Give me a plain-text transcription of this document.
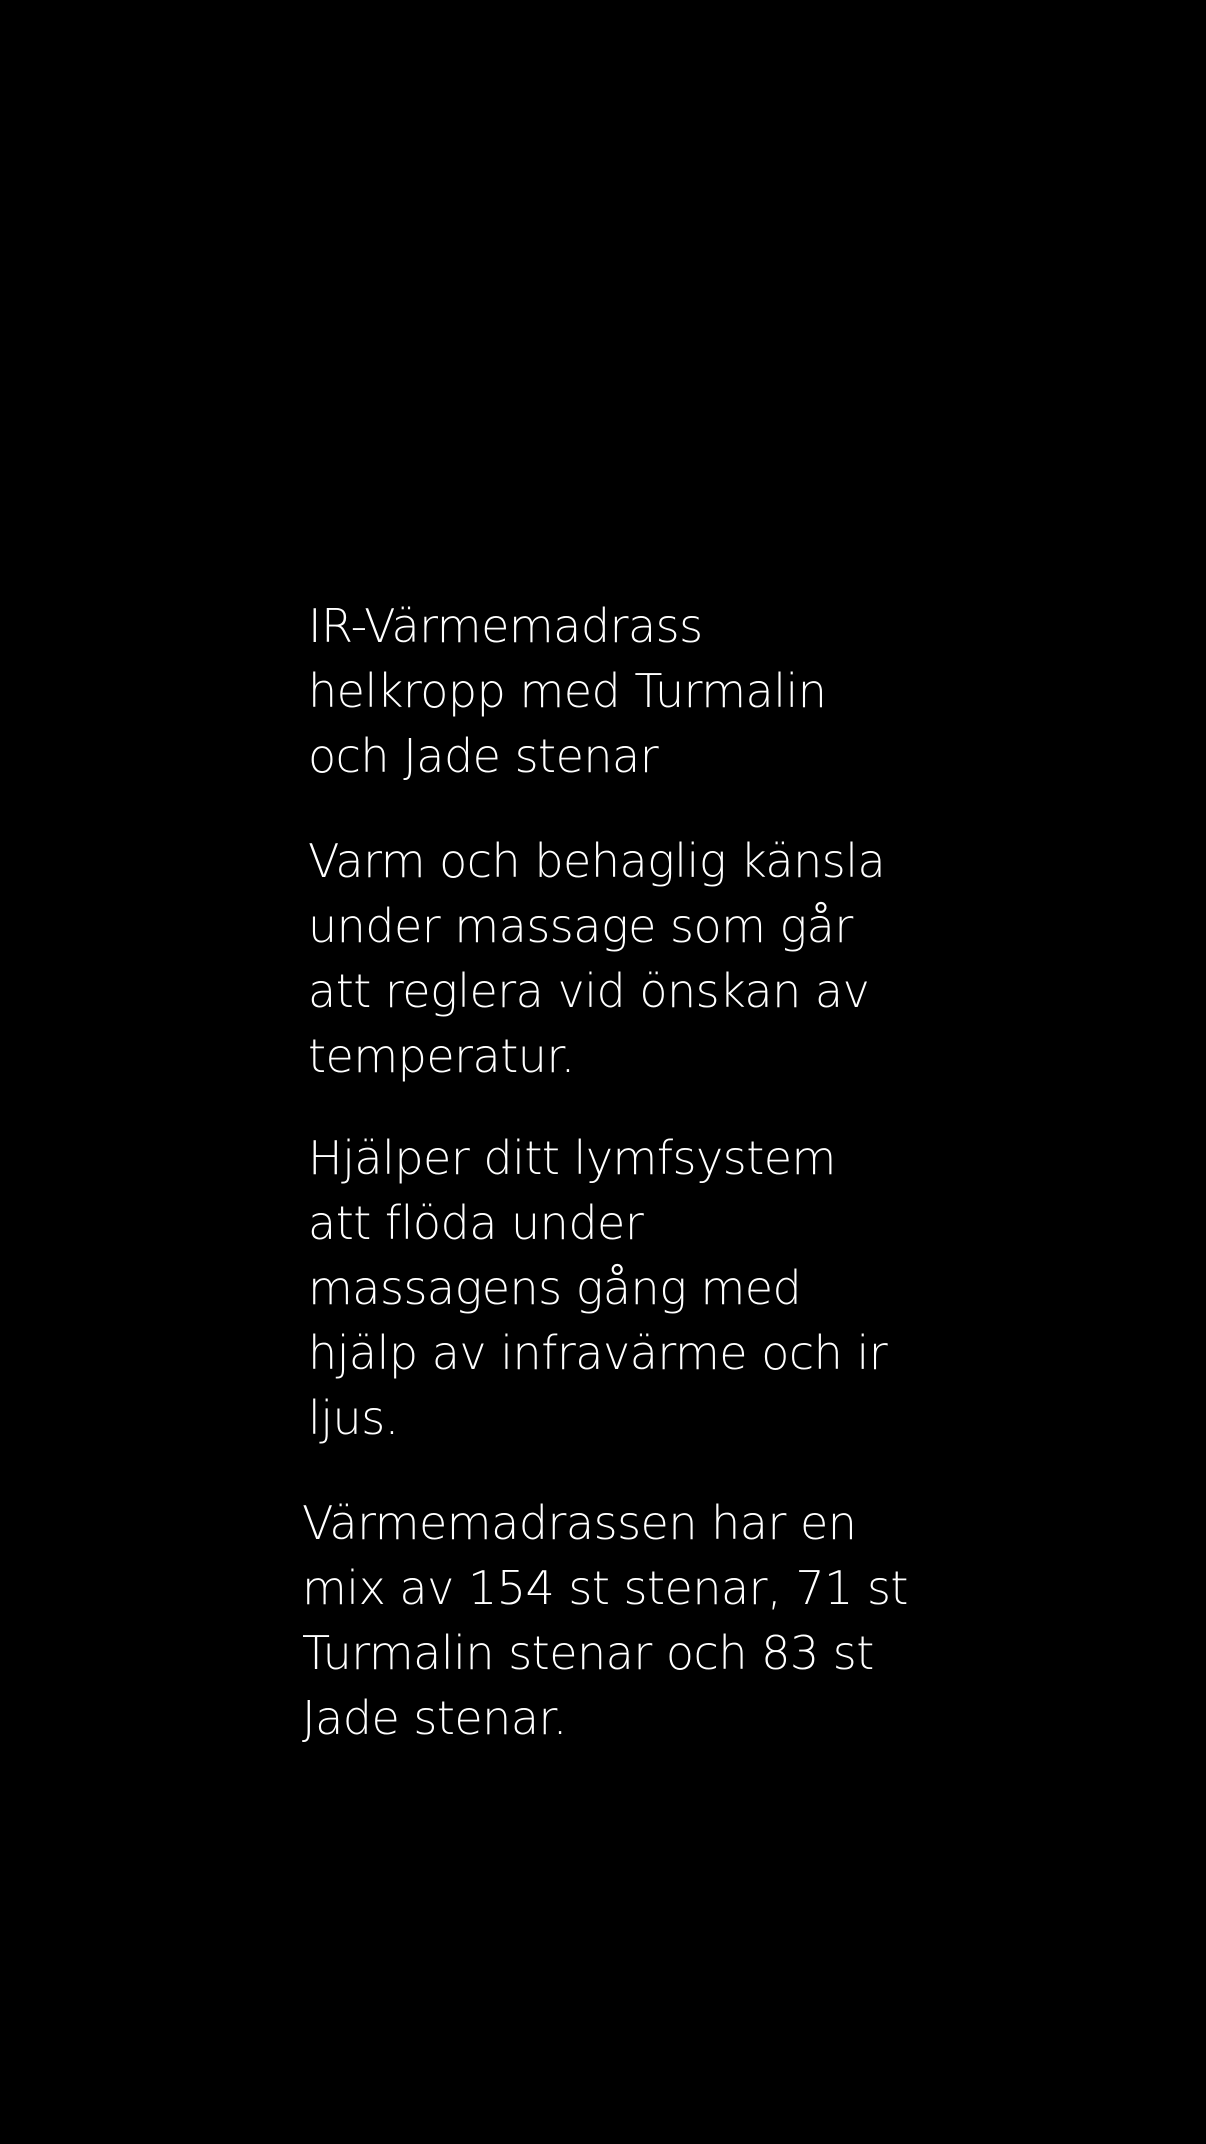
IR-Värmemadrass
helkropp med Turmalin
och Jade stenar

Varm och behaglig känsla
under massage som går
att reglera vid önskan av
temperatur.

Hjälper ditt lymfsystem
att flöda under
massagens gång med
hjälp av infravärme och ir
ljus.

Värmemadrassen har en
mix av 154 st stenar, 71 st
Turmalin stenar och 83 st
Jade stenar.
